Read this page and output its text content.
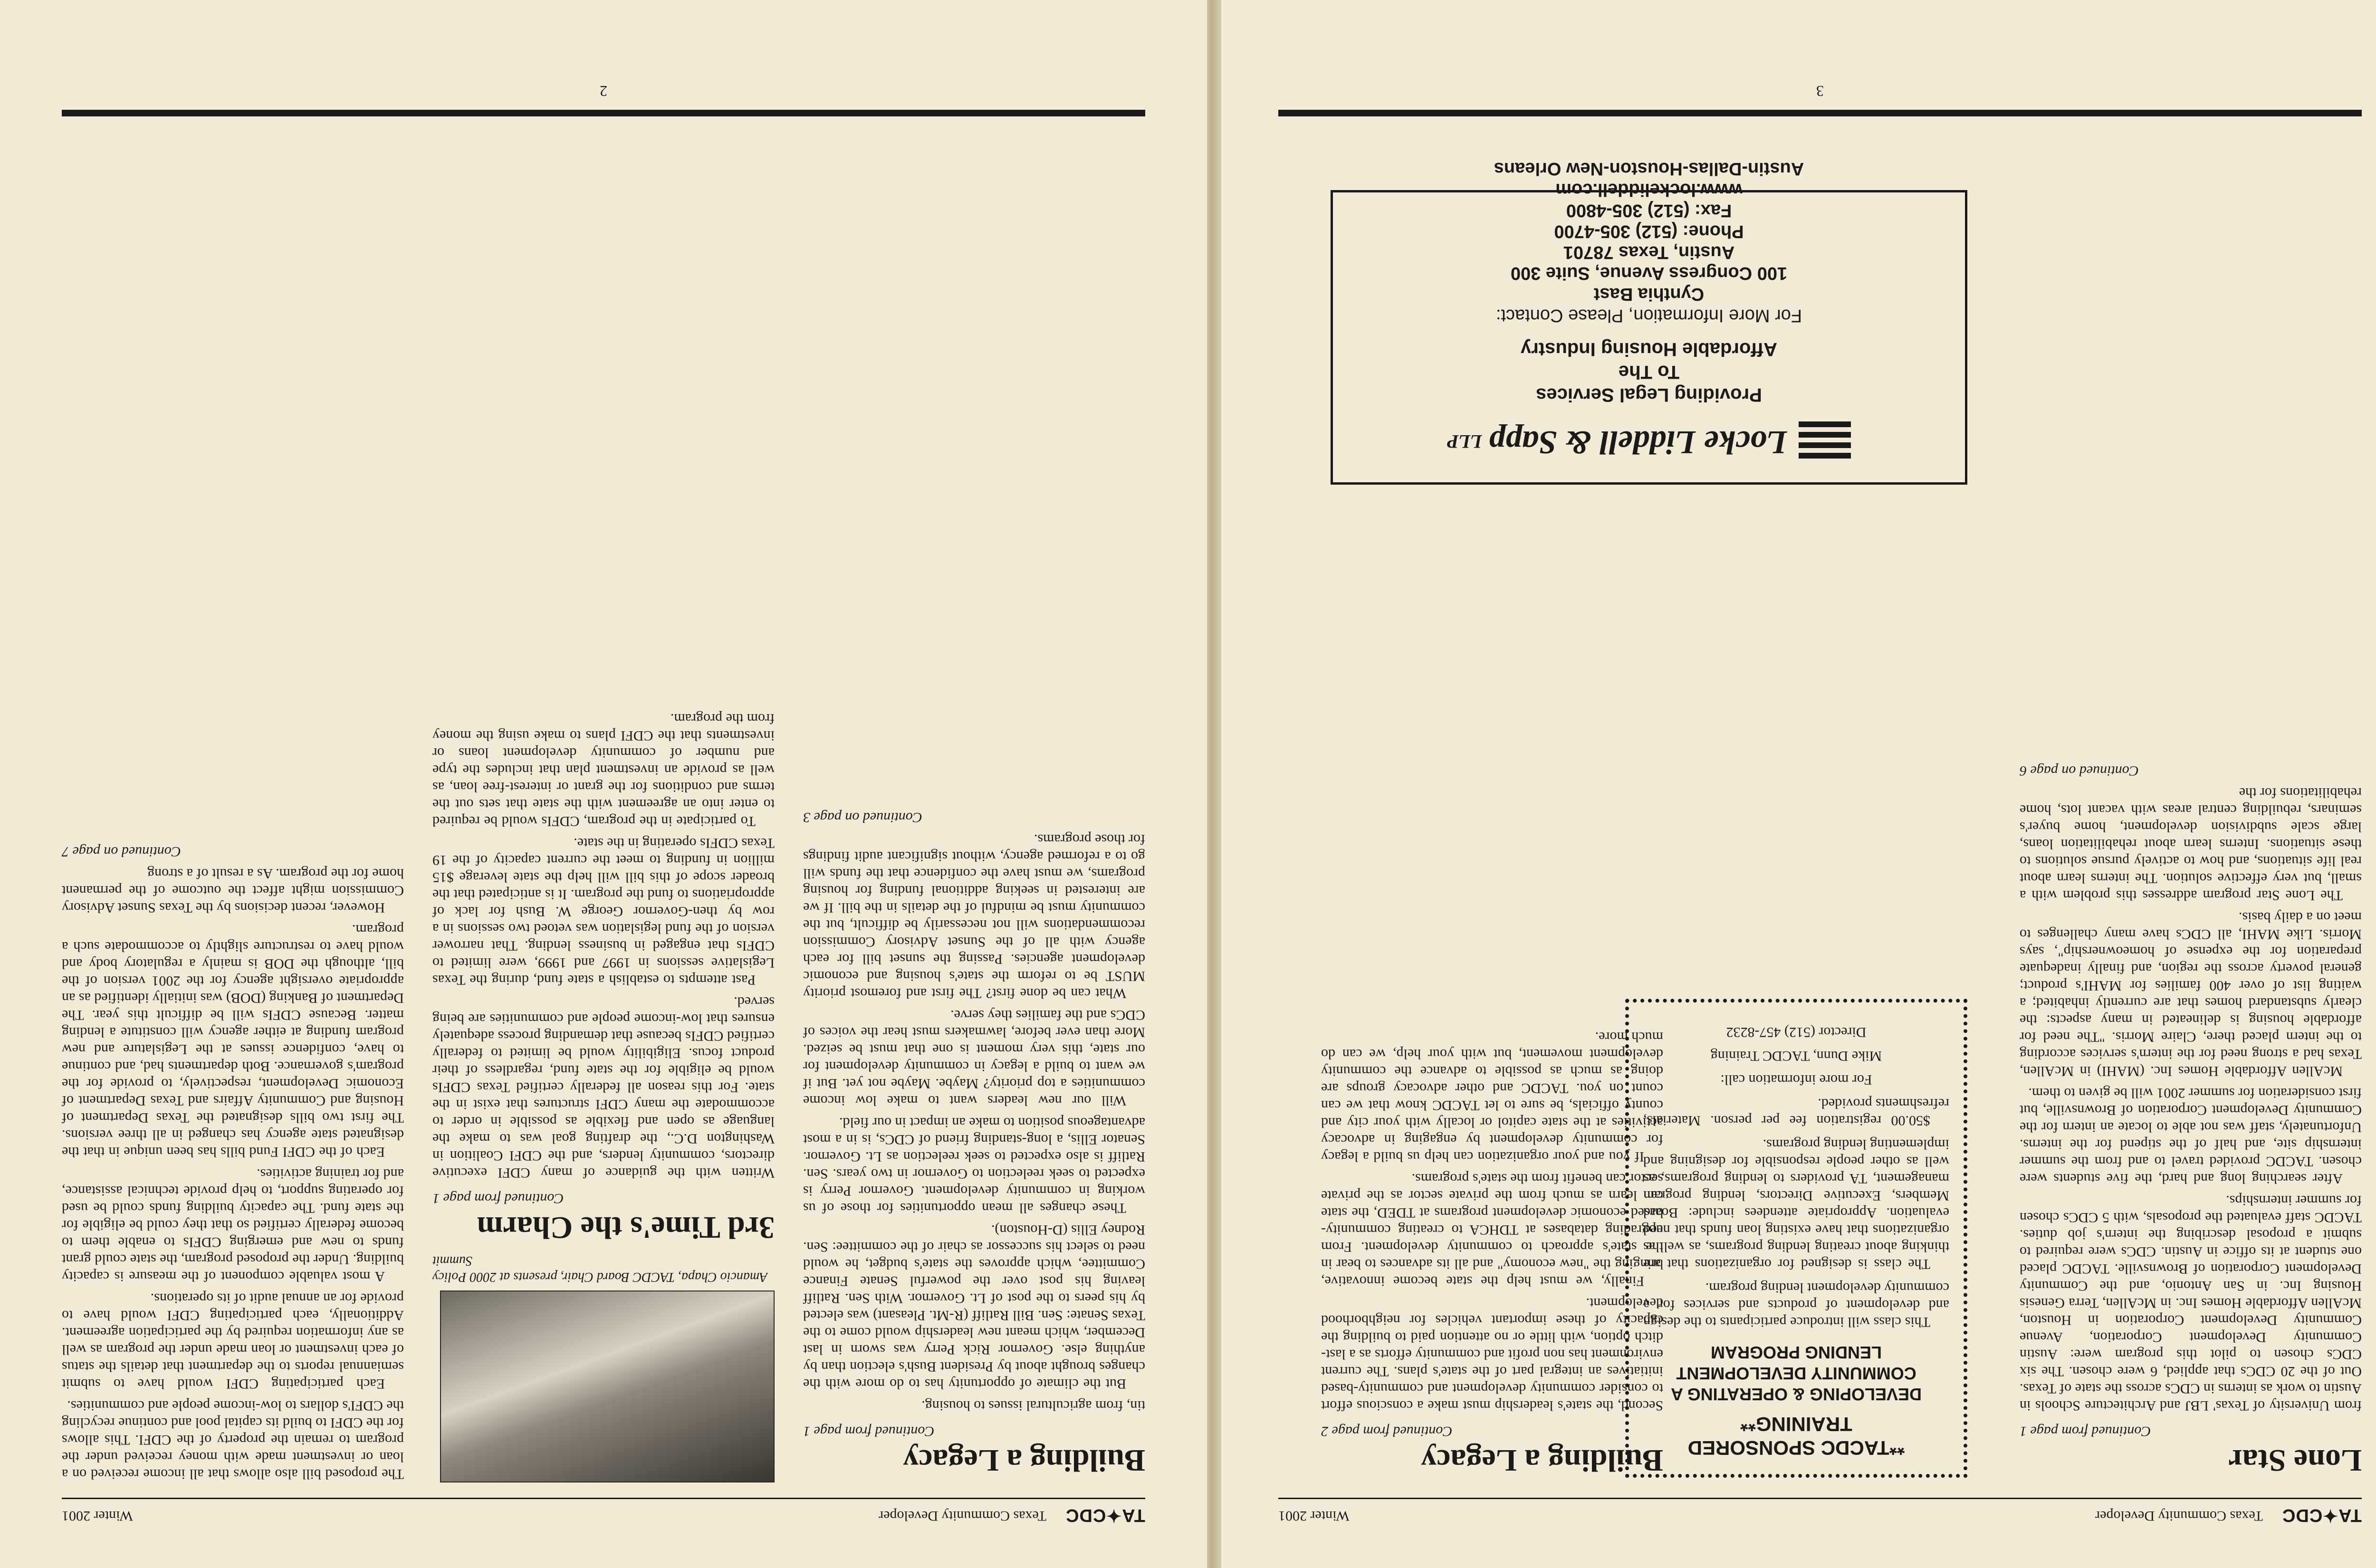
TA✦CDC
Texas Community Developer
Winter 2001
Lone Star
Continued from page 1

from University of Texas' LBJ and Architecture Schools in Austin to work as interns in CDCs across the state of Texas. Out of the 20 CDCs that applied, 6 were chosen. The six CDCs chosen to pilot this program were: Austin Community Development Corporation, Avenue Community Development Corporation in Houston, McAllen Affordable Homes Inc. in McAllen, Terra Genesis Housing Inc. in San Antonio, and the Community Development Corporation of Brownsville. TACDC placed one student at its office in Austin. CDCs were required to submit a proposal describing the intern's job duties. TACDC staff evaluated the proposals, with 5 CDCs chosen for summer internships.

After searching long and hard, the five students were chosen. TACDC provided travel to and from the summer internship site, and half of the stipend for the interns. Unfortunately, staff was not able to locate an intern for the Community Development Corporation of Brownsville, but first consideration for summer 2001 will be given to them.

McAllen Affordable Homes Inc. (MAHI) in McAllen, Texas had a strong need for the intern's services according to the intern placed there, Claire Morris. "The need for affordable housing is delineated in many aspects: the clearly substandard homes that are currently inhabited; a waiting list of over 400 families for MAHI's product; general poverty across the region, and finally inadequate preparation for the expense of homeownership", says Morris. Like MAHI, all CDCs have many challenges to meet on a daily basis.

The Lone Star program addresses this problem with a small, but very effective solution. The interns learn about real life situations, and how to actively pursue solutions to these situations. Interns learn about rehabilitation loans, large scale subdivision development, home buyer's seminars, rebuilding central areas with vacant lots, home rehabilitations for the

Continued on page 6
**TACDC SPONSORED TRAINING**
DEVELOPING & OPERATING A COMMUNITY DEVELOPMENT LENDING PROGRAM

This class will introduce participants to the design and development of products and services for a community development lending program.

The class is designed for organizations that are thinking about creating lending programs, as well as organizations that have existing loan funds that need evaluation. Appropriate attendees include: Board Members, Executive Directors, lending program management, TA providers to lending programs, as well as other people responsible for designing and implementing lending programs.

$50.00 registration fee per person. Materials, refreshments provided.

For more information call:

Mike Dunn, TACDC Training

Director (512) 457-8232

Building a Legacy
Continued from page 2

Second, the state's leadership must make a conscious effort to consider community development and community-based initiatives an integral part of the state's plans. The current environment has non profit and community efforts as a last-ditch option, with little or no attention paid to building the capacity of these important vehicles for neighborhood development.

Finally, we must help the state become innovative, bringing the "new economy" and all its advances to bear in the state's approach to community development. From upgrading databases at TDHCA to creating community-based economic development programs at TDED, the state can learn as much from the private sector as the private sector can benefit from the state's programs.

If you and your organization can help us build a legacy for community development by engaging in advocacy activities at the state capitol or locally with your city and county officials, be sure to let TACDC know that we can count on you. TACDC and other advocacy groups are doing as much as possible to advance the community development movement, but with your help, we can do much more.

Locke Liddell & Sapp
LLP
Providing Legal Services
To The
Affordable Housing Industry
For More Information, Please Contact:
Cynthia Bast
100 Congress Avenue, Suite 300
Austin, Texas 78701
Phone: (512) 305-4700
Fax: (512) 305-4800
www.lockeliddell.com
Austin-Dallas-Houston-New Orleans
3
TA✦CDC
Texas Community Developer
Winter 2001
Building a Legacy
Continued from page 1

tin, from agricultural issues to housing.

But the climate of opportunity has to do more with the changes brought about by President Bush's election than by anything else. Governor Rick Perry was sworn in last December, which meant new leadership would come to the Texas Senate: Sen. Bill Ratliff (R-Mt. Pleasant) was elected by his peers to the post of Lt. Governor. With Sen. Ratliff leaving his post over the powerful Senate Finance Committee, which approves the state's budget, he would need to select his successor as chair of the committee: Sen. Rodney Ellis (D-Houston).

These changes all mean opportunities for those of us working in community development. Governor Perry is expected to seek reelection to Governor in two years. Sen. Ratliff is also expected to seek reelection as Lt. Governor. Senator Ellis, a long-standing friend of CDCs, is in a most advantageous position to make an impact in our field.

Will our new leaders want to make low income communities a top priority? Maybe. Maybe not yet. But if we want to build a legacy in community development for our state, this very moment is one that must be seized. More than ever before, lawmakers must hear the voices of CDCs and the families they serve.

What can be done first? The first and foremost priority MUST be to reform the state's housing and economic development agencies. Passing the sunset bill for each agency with all of the Sunset Advisory Commission recommendations will not necessarily be difficult, but the community must be mindful of the details in the bill. If we are interested in seeking additional funding for housing programs, we must have the confidence that the funds will go to a reformed agency, without significant audit findings for those programs.

Continued on page 3
Amancio Chapa, TACDC Board Chair, presents at 2000 Policy Summit
3rd Time's the Charm
Continued from page 1

Written with the guidance of many CDFI executive directors, community lenders, and the CDFI Coalition in Washington D.C., the drafting goal was to make the language as open and flexible as possible in order to accommodate the many CDFI structures that exist in the state. For this reason all federally certified Texas CDFIs would be eligible for the state fund, regardless of their product focus. Eligibility would be limited to federally certified CDFIs because that demanding process adequately ensures that low-income people and communities are being served.

Past attempts to establish a state fund, during the Texas Legislative sessions in 1997 and 1999, were limited to CDFIs that engaged in business lending. That narrower version of the fund legislation was vetoed two sessions in a row by then-Governor George W. Bush for lack of appropriations to fund the program. It is anticipated that the broader scope of this bill will help the state leverage $15 million in funding to meet the current capacity of the 19 Texas CDFIs operating in the state.

To participate in the program, CDFIs would be required to enter into an agreement with the state that sets out the terms and conditions for the grant or interest-free loan, as well as provide an investment plan that includes the type and number of community development loans or investments that the CDFI plans to make using the money from the program.

The proposed bill also allows that all income received on a loan or investment made with money received under the program to remain the property of the CDFI. This allows for the CDFI to build its capital pool and continue recycling the CDFI's dollars to low-income people and communities.

Each participating CDFI would have to submit semiannual reports to the department that details the status of each investment or loan made under the program as well as any information required by the participation agreement. Additionally, each participating CDFI would have to provide for an annual audit of its operations.

A most valuable component of the measure is capacity building. Under the proposed program, the state could grant funds to new and emerging CDFIs to enable them to become federally certified so that they could be eligible for the state fund. The capacity building funds could be used for operating support, to help provide technical assistance, and for training activities.

Each of the CDFI Fund bills has been unique in that the designated state agency has changed in all three versions. The first two bills designated the Texas Department of Housing and Community Affairs and Texas Department of Economic Development, respectively, to provide for the program's governance. Both departments had, and continue to have, confidence issues at the Legislature and new program funding at either agency will constitute a lending matter. Because CDFIs will be difficult this year. The Department of Banking (DOB) was initially identified as an appropriate oversight agency for the 2001 version of the bill, although the DOB is mainly a regulatory body and would have to restructure slightly to accommodate such a program.

However, recent decisions by the Texas Sunset Advisory Commission might affect the outcome of the permanent home for the program. As a result of a strong

Continued on page 7
2
